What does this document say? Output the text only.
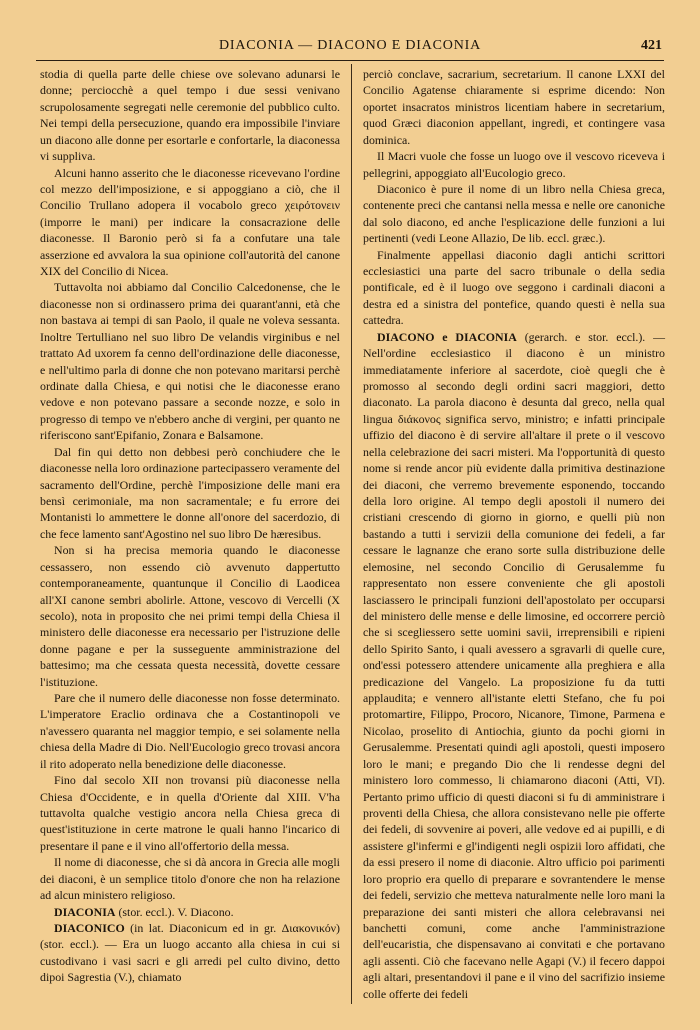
DIACONIA — DIACONO E DIACONIA	421

stodia di quella parte delle chiese ove solevano adunarsi le donne; perciocchè a quel tempo i due sessi venivano scrupolosamente segregati nelle ceremonie del pubblico culto. Nei tempi della persecuzione, quando era impossibile l'inviare un diacono alle donne per esortarle e confortarle, la diaconessa vi suppliva.

Alcuni hanno asserito che le diaconesse ricevevano l'ordine col mezzo dell'imposizione, e si appoggiano a ciò, che il Concilio Trullano adopera il vocabolo greco χειρότονειν (imporre le mani) per indicare la consacrazione delle diaconesse. Il Baronio però si fa a confutare una tale asserzione ed avvalora la sua opinione coll'autorità del canone XIX del Concilio di Nicea.

Tuttavolta noi abbiamo dal Concilio Calcedonense, che le diaconesse non si ordinassero prima dei quarant'anni, età che non bastava ai tempi di san Paolo, il quale ne voleva sessanta. Inoltre Tertulliano nel suo libro De velandis virginibus e nel trattato Ad uxorem fa cenno dell'ordinazione delle diaconesse, e nell'ultimo parla di donne che non potevano maritarsi perchè ordinate dalla Chiesa, e qui notisi che le diaconesse erano vedove e non potevano passare a seconde nozze, e solo in progresso di tempo ve n'ebbero anche di vergini, per quanto ne riferiscono sant'Epifanio, Zonara e Balsamone.

Dal fin qui detto non debbesi però conchiudere che le diaconesse nella loro ordinazione partecipassero veramente del sacramento dell'Ordine, perchè l'imposizione delle mani era bensì cerimoniale, ma non sacramentale; e fu errore dei Montanisti lo ammettere le donne all'onore del sacerdozio, di che fece lamento sant'Agostino nel suo libro De hæresibus.

Non si ha precisa memoria quando le diaconesse cessassero, non essendo ciò avvenuto dappertutto contemporaneamente, quantunque il Concilio di Laodicea all'XI canone sembri abolirle. Attone, vescovo di Vercelli (X secolo), nota in proposito che nei primi tempi della Chiesa il ministero delle diaconesse era necessario per l'istruzione delle donne pagane e per la susseguente amministrazione del battesimo; ma che cessata questa necessità, dovette cessare l'istituzione.

Pare che il numero delle diaconesse non fosse determinato. L'imperatore Eraclio ordinava che a Costantinopoli ve n'avessero quaranta nel maggior tempio, e sei solamente nella chiesa della Madre di Dio. Nell'Eucologio greco trovasi ancora il rito adoperato nella benedizione delle diaconesse.

Fino dal secolo XII non trovansi più diaconesse nella Chiesa d'Occidente, e in quella d'Oriente dal XIII. V'ha tuttavolta qualche vestigio ancora nella Chiesa greca di quest'istituzione in certe matrone le quali hanno l'incarico di presentare il pane e il vino all'offertorio della messa.

Il nome di diaconesse, che si dà ancora in Grecia alle mogli dei diaconi, è un semplice titolo d'onore che non ha relazione ad alcun ministero religioso.

DIACONIA (stor. eccl.). V. Diacono.

DIACONICO (in lat. Diaconicum ed in gr. Διακονικόν) (stor. eccl.). — Era un luogo accanto alla chiesa in cui si custodivano i vasi sacri e gli arredi pel culto divino, detto dipoi Sagrestia (V.), chiamato

perciò conclave, sacrarium, secretarium. Il canone LXXI del Concilio Agatense chiaramente si esprime dicendo: Non oportet insacratos ministros licentiam habere in secretarium, quod Græci diaconion appellant, ingredi, et contingere vasa dominica.

Il Macri vuole che fosse un luogo ove il vescovo riceveva i pellegrini, appoggiato all'Eucologio greco.

Diaconico è pure il nome di un libro nella Chiesa greca, contenente preci che cantansi nella messa e nelle ore canoniche dal solo diacono, ed anche l'esplicazione delle funzioni a lui pertinenti (vedi Leone Allazio, De lib. eccl. græc.).

Finalmente appellasi diaconio dagli antichi scrittori ecclesiastici una parte del sacro tribunale o della sedia pontificale, ed è il luogo ove seggono i cardinali diaconi a destra ed a sinistra del pontefice, quando questi è nella sua cattedra.

DIACONO e DIACONIA (gerarch. e stor. eccl.). — Nell'ordine ecclesiastico il diacono è un ministro immediatamente inferiore al sacerdote, cioè quegli che è promosso al secondo degli ordini sacri maggiori, detto diaconato. La parola diacono è desunta dal greco, nella qual lingua διάκονος significa servo, ministro; e infatti principale uffizio del diacono è di servire all'altare il prete o il vescovo nella celebrazione dei sacri misteri. Ma l'opportunità di questo nome si rende ancor più evidente dalla primitiva destinazione dei diaconi, che verremo brevemente esponendo, toccando della loro origine. Al tempo degli apostoli il numero dei cristiani crescendo di giorno in giorno, e quelli più non bastando a tutti i servizii della comunione dei fedeli, a far cessare le lagnanze che erano sorte sulla distribuzione delle elemosine, nel secondo Concilio di Gerusalemme fu rappresentato non essere conveniente che gli apostoli lasciassero le principali funzioni dell'apostolato per occuparsi del ministero delle mense e delle limosine, ed occorrere perciò che si scegliessero sette uomini savii, irreprensibili e ripieni dello Spirito Santo, i quali avessero a sgravarli di quelle cure, ond'essi potessero attendere unicamente alla preghiera e alla predicazione del Vangelo. La proposizione fu da tutti applaudita; e vennero all'istante eletti Stefano, che fu poi protomartire, Filippo, Procoro, Nicanore, Timone, Parmena e Nicolao, proselito di Antiochia, giunto da pochi giorni in Gerusalemme. Presentati quindi agli apostoli, questi imposero loro le mani; e pregando Dio che li rendesse degni del ministero loro commesso, li chiamarono diaconi (Atti, VI). Pertanto primo ufficio di questi diaconi si fu di amministrare i proventi della Chiesa, che allora consistevano nelle pie offerte dei fedeli, di sovvenire ai poveri, alle vedove ed ai pupilli, e di assistere gl'infermi e gl'indigenti negli ospizii loro affidati, che da essi presero il nome di diaconie. Altro ufficio poi parimenti loro proprio era quello di preparare e sovrantendere le mense dei fedeli, servizio che metteva naturalmente nelle loro mani la preparazione dei santi misteri che allora celebravansi nei banchetti comuni, come anche l'amministrazione dell'eucaristia, che dispensavano ai convitati e che portavano agli assenti. Ciò che facevano nelle Agapi (V.) il fecero dappoi agli altari, presentandovi il pane e il vino del sacrifizio insieme colle offerte dei fedeli
